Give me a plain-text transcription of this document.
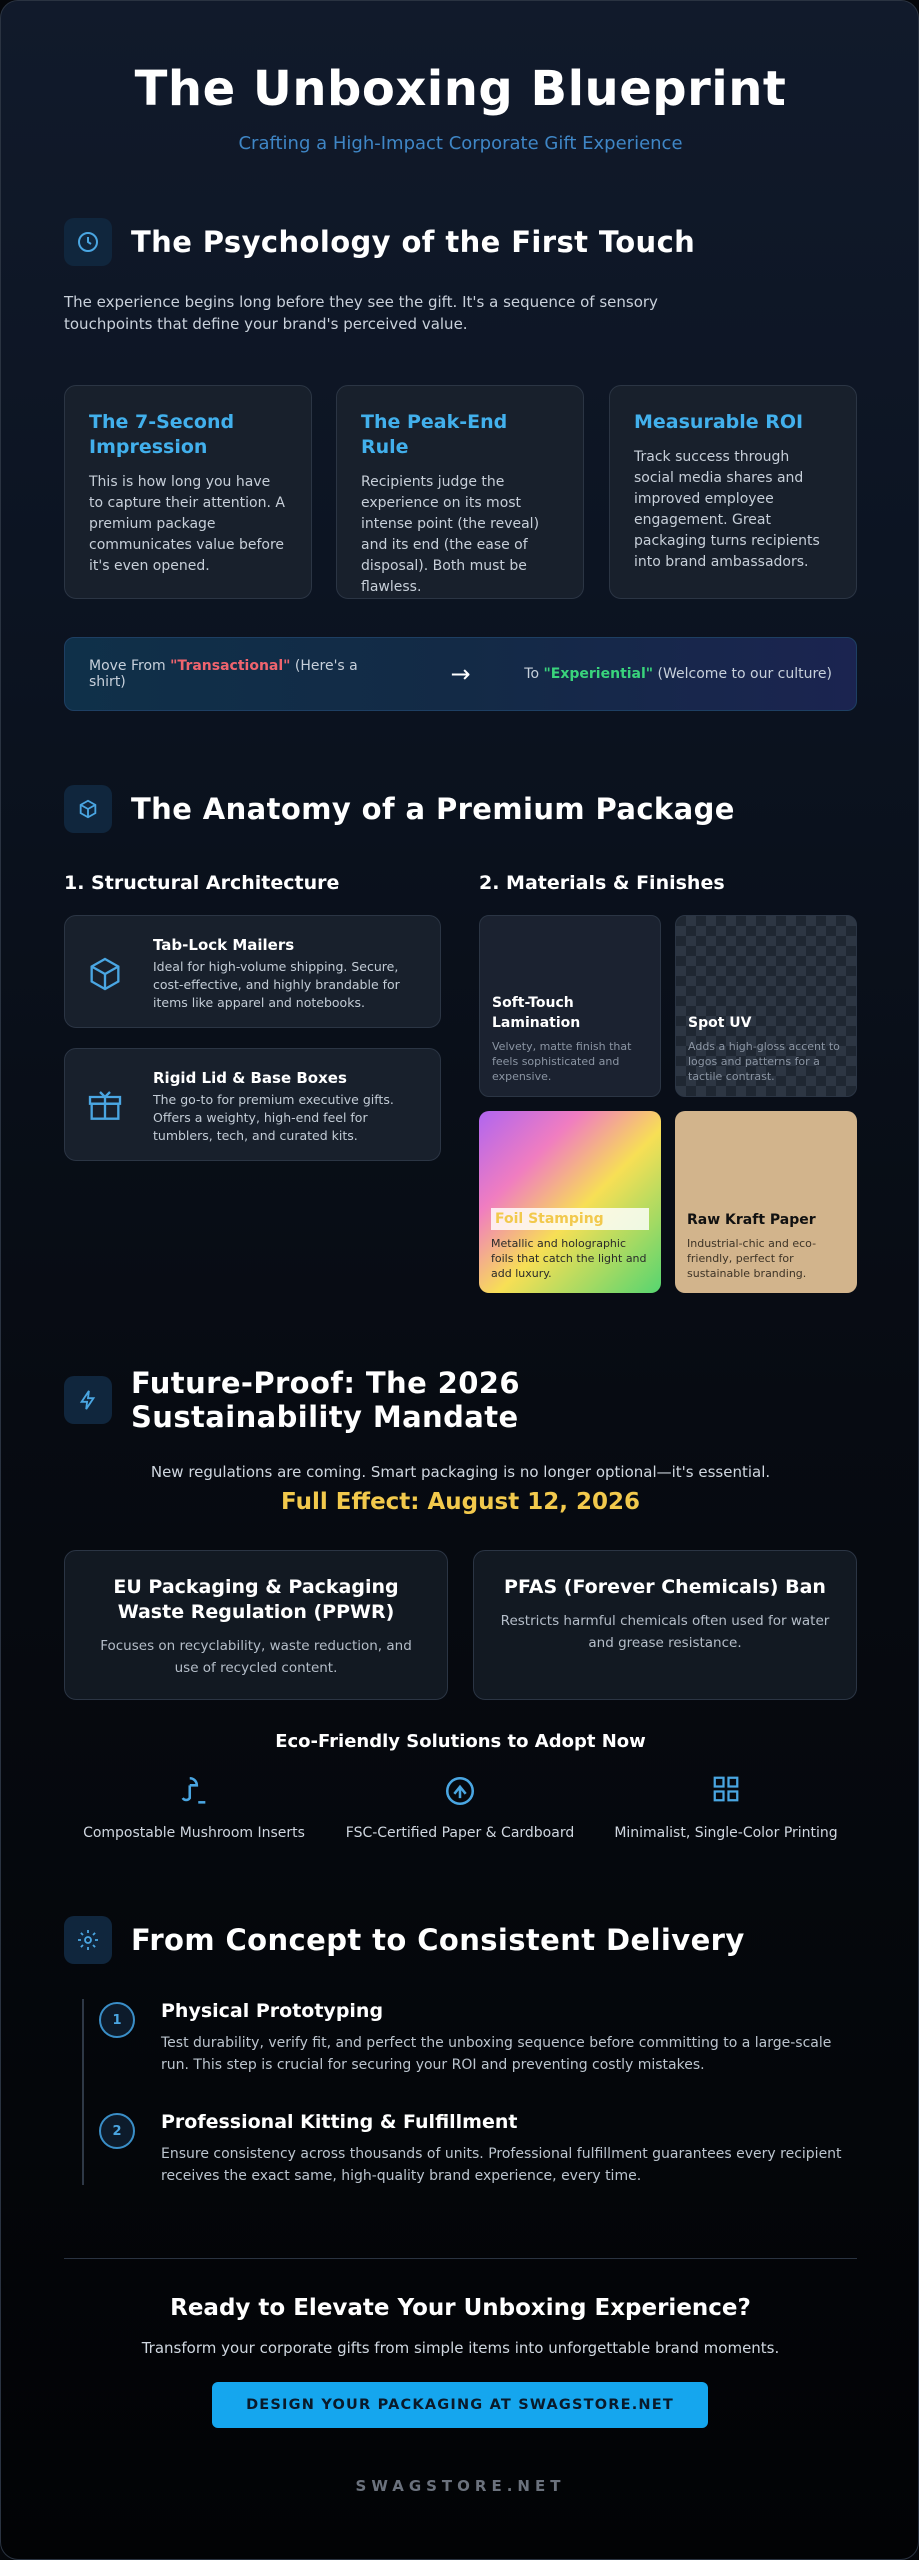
The Unboxing Blueprint
Crafting a High-Impact Corporate Gift Experience
The Psychology of the First Touch
The experience begins long before they see the gift. It's a sequence of sensory touchpoints that define your brand's perceived value.
The 7-Second Impression

This is how long you have to capture their attention. A premium package communicates value before it's even opened.

The Peak-End Rule

Recipients judge the experience on its most intense point (the reveal) and its end (the ease of disposal). Both must be flawless.

Measurable ROI

Track success through social media shares and improved employee engagement. Great packaging turns recipients into brand ambassadors.

Move From "Transactional" (Here's a shirt)	→	To "Experiential" (Welcome to our culture)
The Anatomy of a Premium Package
1. Structural Architecture	2. Materials & Finishes
Tab-Lock Mailers

Ideal for high-volume shipping. Secure, cost-effective, and highly brandable for items like apparel and notebooks.

Rigid Lid & Base Boxes

The go-to for premium executive gifts. Offers a weighty, high-end feel for tumblers, tech, and curated kits.

Soft-Touch Lamination

Velvety, matte finish that feels sophisticated and expensive.

Spot UV

Adds a high-gloss accent to logos and patterns for a tactile contrast.

Foil Stamping

Metallic and holographic foils that catch the light and add luxury.

Raw Kraft Paper

Industrial-chic and eco-friendly, perfect for sustainable branding.

Future-Proof: The 2026 Sustainability Mandate
New regulations are coming. Smart packaging is no longer optional—it's essential.
Full Effect: August 12, 2026
EU Packaging & Packaging Waste Regulation (PPWR)

Focuses on recyclability, waste reduction, and use of recycled content.

PFAS (Forever Chemicals) Ban

Restricts harmful chemicals often used for water and grease resistance.

Eco-Friendly Solutions to Adopt Now
Compostable Mushroom Inserts	FSC-Certified Paper & Cardboard	Minimalist, Single-Color Printing
From Concept to Consistent Delivery
1	Physical Prototyping

Test durability, verify fit, and perfect the unboxing sequence before committing to a large-scale run. This step is crucial for securing your ROI and preventing costly mistakes.

2	Professional Kitting & Fulfillment

Ensure consistency across thousands of units. Professional fulfillment guarantees every recipient receives the exact same, high-quality brand experience, every time.

Ready to Elevate Your Unboxing Experience?
Transform your corporate gifts from simple items into unforgettable brand moments.
DESIGN YOUR PACKAGING AT SWAGSTORE.NET
SWAGSTORE.NET
